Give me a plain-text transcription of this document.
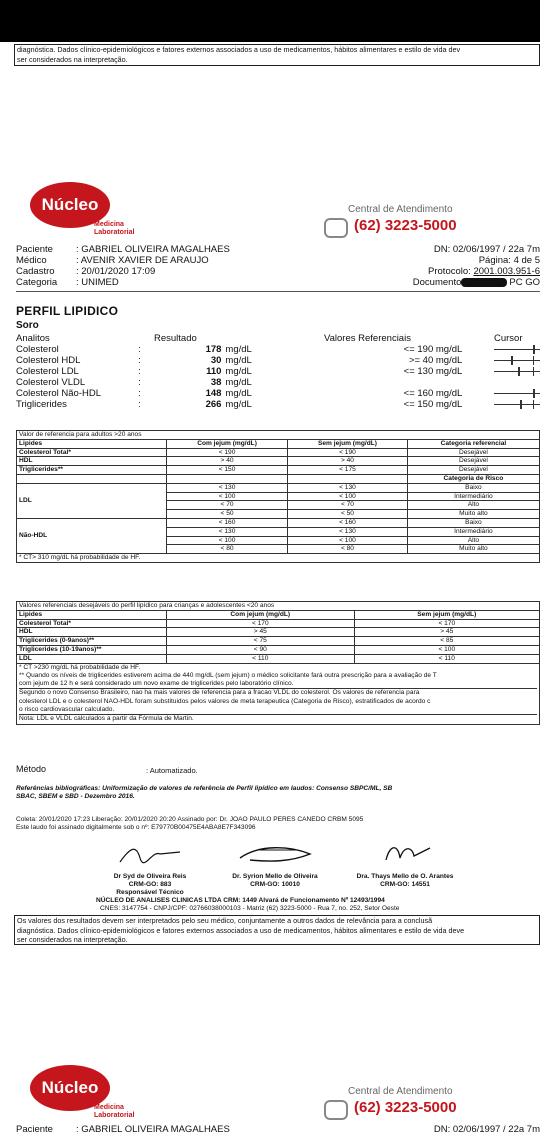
diagnóstica. Dados clínico-epidemiológicos e fatores externos associados a uso de medicamentos, hábitos alimentares e estilo de vida dev
ser considerados na interpretação.
Núcleo
Medicina
Laboratorial
Central de Atendimento
(62) 3223-5000
Paciente	: GABRIEL OLIVEIRA MAGALHAES	DN: 02/06/1997 / 22a 7m
Médico	: AVENIR XAVIER DE ARAUJO	Página: 4 de 5
Cadastro	: 20/01/2020 17:09	Protocolo:
2001.003.951-6
Categoria	: UNIMED	Documento	PC GO
PERFIL LIPIDICO
Soro
Analitos	Resultado	Valores Referenciais	Cursor
Colesterol	:	178 mg/dL	<= 190 mg/dL
Colesterol HDL	:	30 mg/dL	>= 40 mg/dL
Colesterol LDL	:	110 mg/dL	<= 130 mg/dL
Colesterol VLDL	:	38 mg/dL
Colesterol Não-HDL	:	148 mg/dL	<= 160 mg/dL
Triglicerides	:	266 mg/dL	<= 150 mg/dL
Valor de referencia para adultos >20 anos			
Lipides	Com jejum (mg/dL)	Sem jejum (mg/dL)	Categoria referencial
Colesterol Total*	< 190	< 190	Desejável
HDL	> 40	> 40	Desejável
Triglicerides**	< 150	< 175	Desejável
			Categoria de Risco
LDL	< 130	< 130	Baixo
	< 100	< 100	Intermediário
	< 70	< 70	Alto
	< 50	< 50	Muito alto
Não-HDL	< 160	< 160	Baixo
	< 130	< 130	Intermediário
	< 100	< 100	Alto
	< 80	< 80	Muito alto
* CT> 310 mg/dL há probabilidade de HF.			
Valores referenciais desejáveis do perfil lipídico para crianças e adolescentes <20 anos		
Lipides	Com jejum (mg/dL)	Sem jejum (mg/dL)
Colesterol Total*	< 170	< 170
HDL	> 45	> 45
Triglicerides (0-9anos)**	< 75	< 85
Triglicerides (10-19anos)**	< 90	< 100
LDL	< 110	< 110
* CT >230 mg/dL há probabilidade de HF.
** Quando os níveis de triglicerides estiverem acima de 440 mg/dL (sem jejum) o médico solicitante fará outra prescrição para a avaliação de T
com jejum de 12 h e será considerado um novo exame de triglicerides pelo laboratório clínico.
Segundo o novo Consenso Brasileiro, nao ha mais valores de referencia para a fracao VLDL do colesterol. Os valores de referencia para
colesterol LDL e o colesterol NAO-HDL foram substituidos pelos valores de meta terapeutica (Categoria de Risco), estratificados de acordo c
o risco cardiovascular calculado.
Nota: LDL e VLDL calculados a partir da Fórmula de Martin.
Método	: Automatizado.
Referências bibliográficas: Uniformização de valores de referência de Perfil lipídico em laudos: Consenso SBPC/ML, SB
SBAC, SBEM e SBD - Dezembro 2016.
Coleta: 20/01/2020 17:23 Liberação: 20/01/2020 20:20 Assinado por: Dr. JOAO PAULO PERES CANEDO CRBM 5095
Este laudo foi assinado digitalmente sob o nº: E79770B00475E4ABA8E7F343096
Dr Syd de Oliveira Reis
CRM-GO: 883
Responsável Técnico
Dr. Syrion Mello de Oliveira
CRM-GO: 10010
Dra. Thays Mello de O. Arantes
CRM-GO: 14551
NÚCLEO DE ANALISES CLINICAS LTDA CRM: 1449 Alvará de Funcionamento Nº 12493/1994
CNES: 3147754 - CNPJ/CPF: 02766038000103 - Matriz (62) 3223-5000 - Rua 7, no. 252, Setor Oeste
Os valores dos resultados devem ser interpretados pelo seu médico, conjuntamente a outros dados de relevância para a conclusã
diagnóstica. Dados clínico-epidemiológicos e fatores externos associados a uso de medicamentos, hábitos alimentares e estilo de vida deve
ser considerados na interpretação.
Núcleo
Medicina
Laboratorial
Central de Atendimento
(62) 3223-5000
Paciente	: GABRIEL OLIVEIRA MAGALHAES	DN: 02/06/1997 / 22a 7m
